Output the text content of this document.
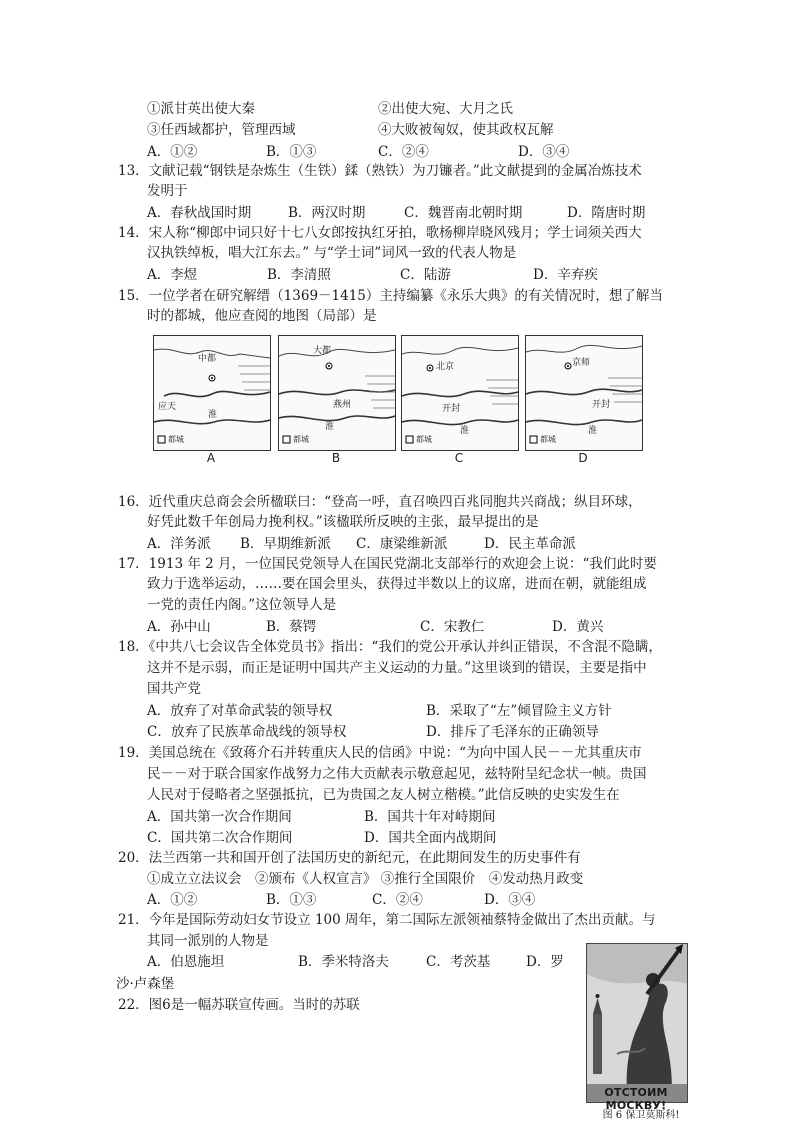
①派甘英出使大秦	②出使大宛、大月之氏
③任西域都护，管理西域	④大败被匈奴，使其政权瓦解
A．①②	B．①③	C．②④	D．③④
13．文献记载“钢铁是杂炼生（生铁）鍒（熟铁）为刀镰者。”此文献提到的金属冶炼技术
发明于
A．春秋战国时期	B．两汉时期	C．魏晋南北朝时期	D．隋唐时期
14．宋人称“柳郎中词只好十七八女郎按执红牙拍，歌杨柳岸晓风残月；学士词须关西大
汉执铁绰板，唱大江东去。” 与“学士词”词风一致的代表人物是
A．李煜	B．李清照	C．陆游	D．辛弃疾
15．一位学者在研究解缙（1369－1415）主持编纂《永乐大典》的有关情况时，想了解当
时的都城，他应查阅的地图（局部）是
中都
应天
淮
都城
A
大都
燕州
淮
都城
B
北京
开封
淮
都城
C
京师
开封
淮
都城
D
16．近代重庆总商会会所楹联曰：“登高一呼，直召唤四百兆同胞共兴商战；纵目环球，
好凭此数千年创局力挽利权。”该楹联所反映的主张，最早提出的是
A．洋务派 B．早期维新派 C．康梁维新派	D．民主革命派
17．1913 年 2 月，一位国民党领导人在国民党湖北支部举行的欢迎会上说：“我们此时要
致力于选举运动，……要在国会里头，获得过半数以上的议席，进而在朝，就能组成
一党的责任内阁。”这位领导人是
A．孙中山	B．蔡锷	C．宋教仁	D．黄兴
18．《中共八七会议告全体党员书》指出：“我们的党公开承认并纠正错误，不含混不隐瞒，
这并不是示弱，而正是证明中国共产主义运动的力量。”这里谈到的错误，主要是指中
国共产党
A．放弃了对革命武装的领导权	B．采取了“左”倾冒险主义方针
C．放弃了民族革命战线的领导权	D．排斥了毛泽东的正确领导
19．美国总统在《致蒋介石并转重庆人民的信函》中说：“为向中国人民－－尤其重庆市
民－－对于联合国家作战努力之伟大贡献表示敬意起见，兹特附呈纪念状一帧。贵国
人民对于侵略者之坚强抵抗，已为贵国之友人树立楷模。”此信反映的史实发生在
A．国共第一次合作期间	B．国共十年对峙期间
C．国共第二次合作期间	D．国共全面内战期间
20．法兰西第一共和国开创了法国历史的新纪元，在此期间发生的历史事件有
①成立立法议会　②颁布《人权宣言》 ③推行全国限价　④发动热月政变
A．①②	B．①③	C．②④	D．③④
21．今年是国际劳动妇女节设立 100 周年，第二国际左派领袖蔡特金做出了杰出贡献。与
其同一派别的人物是
A．伯恩施坦	B．季米特洛夫	C．考茨基	D．罗
沙·卢森堡
22．图6是一幅苏联宣传画。当时的苏联
ОТСТОИМ МОСКВУ!
图 6 保卫莫斯科!
